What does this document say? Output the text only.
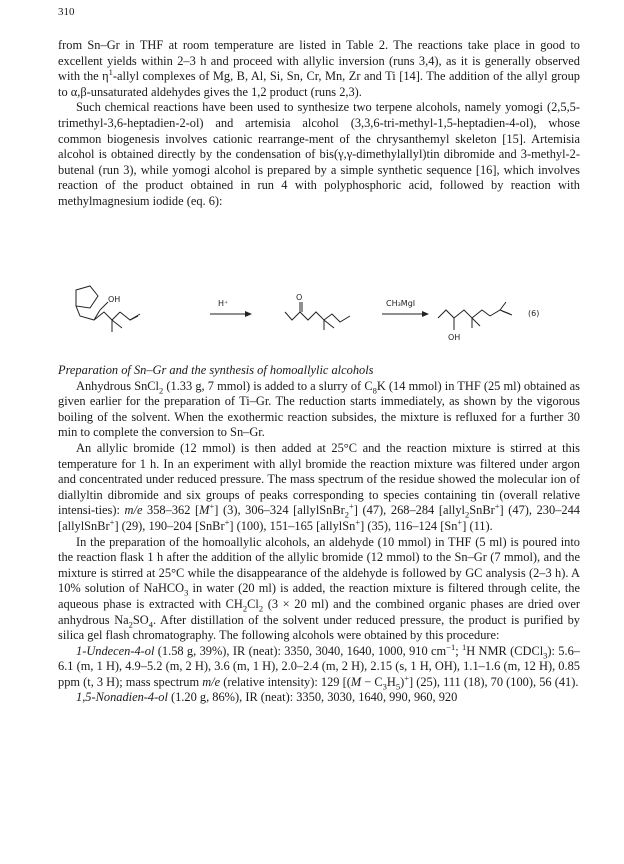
310

from Sn–Gr in THF at room temperature are listed in Table 2. The reactions take place in good to excellent yields within 2–3 h and proceed with allylic inversion (runs 3,4), as it is generally observed with the $\eta^1$-allyl complexes of Mg, B, Al, Si, Sn, Cr, Mn, Zr and Ti [14]. The addition of the allyl group to α,β-unsaturated aldehydes gives the 1,2 product (runs 2,3).

Such chemical reactions have been used to synthesize two terpene alcohols, namely yomogi (2,5,5-trimethyl-3,6-heptadien-2-ol) and artemisia alcohol (3,3,6-tri-methyl-1,5-heptadien-4-ol), whose common biogenesis involves cationic rearrange-ment of the chrysanthemyl skeleton [15]. Artemisia alcohol is obtained directly by the condensation of bis(γ,γ-dimethylallyl)tin dibromide and 3-methyl-2-butenal (run 3), while yomogi alcohol is prepared by a simple synthetic sequence [16], which involves reaction of the product obtained in run 4 with polyphosphoric acid, followed by reaction with methylmagnesium iodide (eq. 6):

OH	H⁺
O
CH₃MgI
OH
(6)

Preparation of Sn–Gr and the synthesis of homoallylic alcohols

Anhydrous SnCl$_2$ (1.33 g, 7 mmol) is added to a slurry of $C_8K$ (14 mmol) in THF (25 ml) obtained as given earlier for the preparation of Ti–Gr. The reduction starts immediately, as shown by the vigorous boiling of the solvent. When the exothermic reaction subsides, the mixture is refluxed for a further 30 min to complete the conversion to Sn–Gr.

An allylic bromide (12 mmol) is then added at 25°C and the reaction mixture is stirred at this temperature for 1 h. In an experiment with allyl bromide the reaction mixture was filtered under argon and concentrated under reduced pressure. The mass spectrum of the residue showed the molecular ion of diallyltin dibromide and six groups of peaks corresponding to species containing tin (overall relative intensi-ties): m/e 358–362 [M+] (3), 306–324 [allylSnBr$_2$+] (47), 268–284 [allyl$_2$SnBr+] (47), 230–244 [allylSnBr+] (29), 190–204 [SnBr+] (100), 151–165 [allylSn+] (35), 116–124 [Sn+] (11).

In the preparation of the homoallylic alcohols, an aldehyde (10 mmol) in THF (5 ml) is poured into the reaction flask 1 h after the addition of the allylic bromide (12 mmol) to the Sn–Gr (7 mmol), and the mixture is stirred at 25°C while the disappearance of the aldehyde is followed by GC analysis (2–3 h). A 10% solution of NaHCO$_3$ in water (20 ml) is added, the reaction mixture is filtered through celite, the aqueous phase is extracted with $CH_2Cl_2$ (3 × 20 ml) and the combined organic phases are dried over anhydrous $Na_2SO_4$. After distillation of the solvent under reduced pressure, the product is purified by silica gel flash chromatography. The following alcohols were obtained by this procedure:

1-Undecen-4-ol (1.58 g, 39%), IR (neat): 3350, 3040, 1640, 1000, 910 $cm^{-1}$; $^1$H NMR (CDCl$_3$): 5.6–6.1 (m, 1 H), 4.9–5.2 (m, 2 H), 3.6 (m, 1 H), 2.0–2.4 (m, 2 H), 2.15 (s, 1 H, OH), 1.1–1.6 (m, 12 H), 0.85 ppm (t, 3 H); mass spectrum m/e (relative intensity): 129 $[(M - C_3H_5)^+]$ (25), 111 (18), 70 (100), 56 (41).

1,5-Nonadien-4-ol (1.20 g, 86%), IR (neat): 3350, 3030, 1640, 990, 960, 920
